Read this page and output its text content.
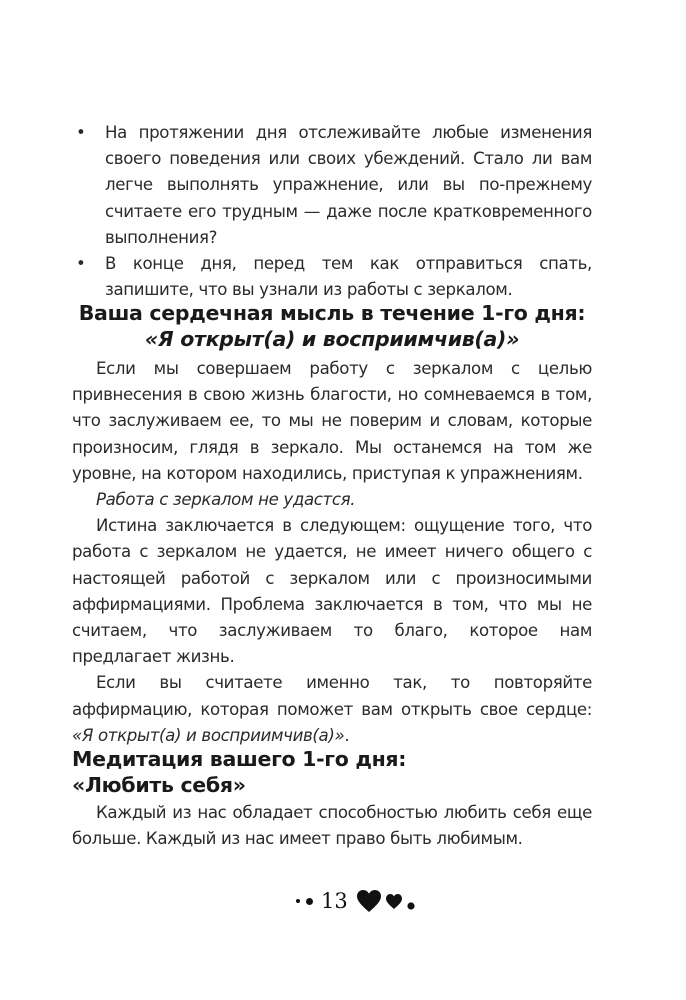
• На протяжении дня отслеживайте любые изменения своего поведения или своих убеждений. Стало ли вам легче выполнять упражнение, или вы по-прежнему считаете его трудным — даже после кратковременного выполнения?
• В конце дня, перед тем как отправиться спать, запишите, что вы узнали из работы с зеркалом.
Ваша сердечная мысль в течение 1-го дня:
«Я открыт(а) и восприимчив(а)»

Если мы совершаем работу с зеркалом с целью привнесения в свою жизнь благости, но сомневаемся в том, что заслуживаем ее, то мы не поверим и словам, которые произносим, глядя в зеркало. Мы останемся на том же уровне, на котором находились, приступая к упражнениям.

Работа с зеркалом не удастся.

Истина заключается в следующем: ощущение того, что работа с зеркалом не удается, не имеет ничего общего с настоящей работой с зеркалом или с произносимыми аффирмациями. Проблема заключается в том, что мы не считаем, что заслуживаем то благо, которое нам предлагает жизнь.

Если вы считаете именно так, то повторяйте аффирмацию, которая поможет вам открыть свое сердце: «Я открыт(а) и восприимчив(а)».

Медитация вашего 1-го дня:
«Любить себя»

Каждый из нас обладает способностью любить себя еще больше. Каждый из нас имеет право быть любимым.

13
